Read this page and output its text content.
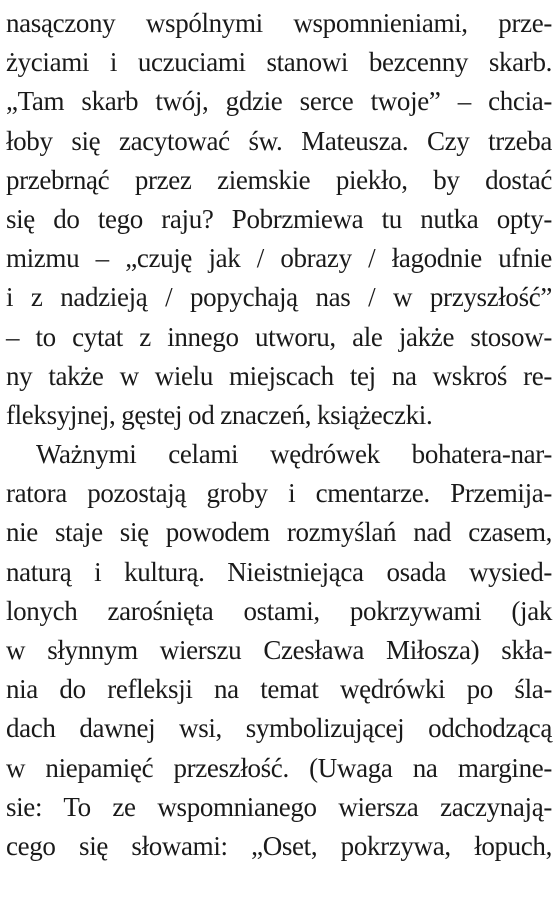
nasączony wspólnymi wspomnieniami, prze-
życiami i uczuciami stanowi bezcenny skarb.
„Tam skarb twój, gdzie serce twoje” – chcia-
łoby się zacytować św. Mateusza. Czy trzeba
przebrnąć przez ziemskie piekło, by dostać
się do tego raju? Pobrzmiewa tu nutka opty-
mizmu – „czuję jak / obrazy / łagodnie ufnie
i z nadzieją / popychają nas / w przyszłość”
– to cytat z innego utworu, ale jakże stosow-
ny także w wielu miejscach tej na wskroś re-
fleksyjnej, gęstej od znaczeń, książeczki.
Ważnymi celami wędrówek bohatera-nar-
ratora pozostają groby i cmentarze. Przemija-
nie staje się powodem rozmyślań nad czasem,
naturą i kulturą. Nieistniejąca osada wysied-
lonych zarośnięta ostami, pokrzywami (jak
w słynnym wierszu Czesława Miłosza) skła-
nia do refleksji na temat wędrówki po śla-
dach dawnej wsi, symbolizującej odchodzącą
w niepamięć przeszłość. (Uwaga na margine-
sie: To ze wspomnianego wiersza zaczynają-
cego się słowami: „Oset, pokrzywa, łopuch,
